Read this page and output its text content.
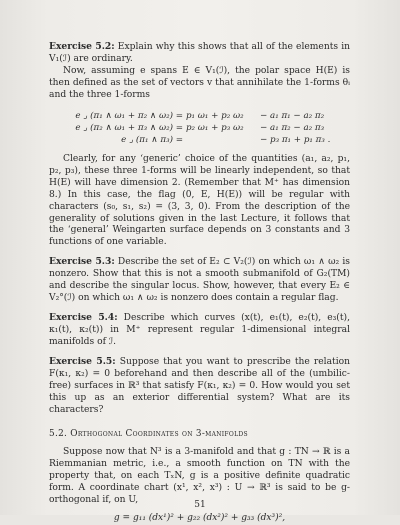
Exercise 5.2: Explain why this shows that all of the elements in V₁(ℐ) are ordinary.

Now, assuming e spans E ∈ V₁(ℐ), the polar space H(E) is then defined as the set of vectors v that annihilate the 1-forms θᵢ and the three 1-forms

e ⌟ (π₁ ∧ ω₁ + π₂ ∧ ω₂) = p₁ ω₁ + p₂ ω₂	− a₁ π₁ − a₂ π₂
e ⌟ (π₂ ∧ ω₁ + π₃ ∧ ω₂) = p₂ ω₁ + p₃ ω₂	− a₁ π₂ − a₂ π₃
e ⌟ (π₁ ∧ π₃) =	− p₃ π₁ + p₁ π₃ .

Clearly, for any ‘generic’ choice of the quantities (a₁, a₂, p₁, p₂, p₃), these three 1-forms will be linearly independent, so that H(E) will have dimension 2. (Remember that M⁺ has dimension 8.) In this case, the flag (0, E, H(E)) will be regular with characters (s₀, s₁, s₂) = (3, 3, 0). From the description of the generality of solutions given in the last Lecture, it follows that the ‘general’ Weingarten surface depends on 3 constants and 3 functions of one variable.

Exercise 5.3: Describe the set of E₂ ⊂ V₂(ℐ) on which ω₁ ∧ ω₂ is nonzero. Show that this is not a smooth submanifold of G₂(TM) and describe the singular locus. Show, however, that every E₂ ∈ V₂°(ℐ) on which ω₁ ∧ ω₂ is nonzero does contain a regular flag.

Exercise 5.4: Describe which curves (x(t), e₁(t), e₂(t), e₃(t), κ₁(t), κ₂(t)) in M⁺ represent regular 1-dimensional integral manifolds of ℐ.

Exercise 5.5: Suppose that you want to prescribe the relation F(κ₁, κ₂) = 0 beforehand and then describe all of the (umbilic-free) surfaces in ℝ³ that satisfy F(κ₁, κ₂) = 0. How would you set this up as an exterior differential system? What are its characters?

5.2. Orthogonal Coordinates on 3-manifolds

Suppose now that N³ is a 3-manifold and that g : TN → ℝ is a Riemmanian metric, i.e., a smooth function on TN with the property that, on each TₓN, g is a positive definite quadratic form. A coordinate chart (x¹, x², x³) : U → ℝ³ is said to be g-orthogonal if, on U,

g = g₁₁ (dx¹)² + g₂₂ (dx²)² + g₃₃ (dx³)²,
51
